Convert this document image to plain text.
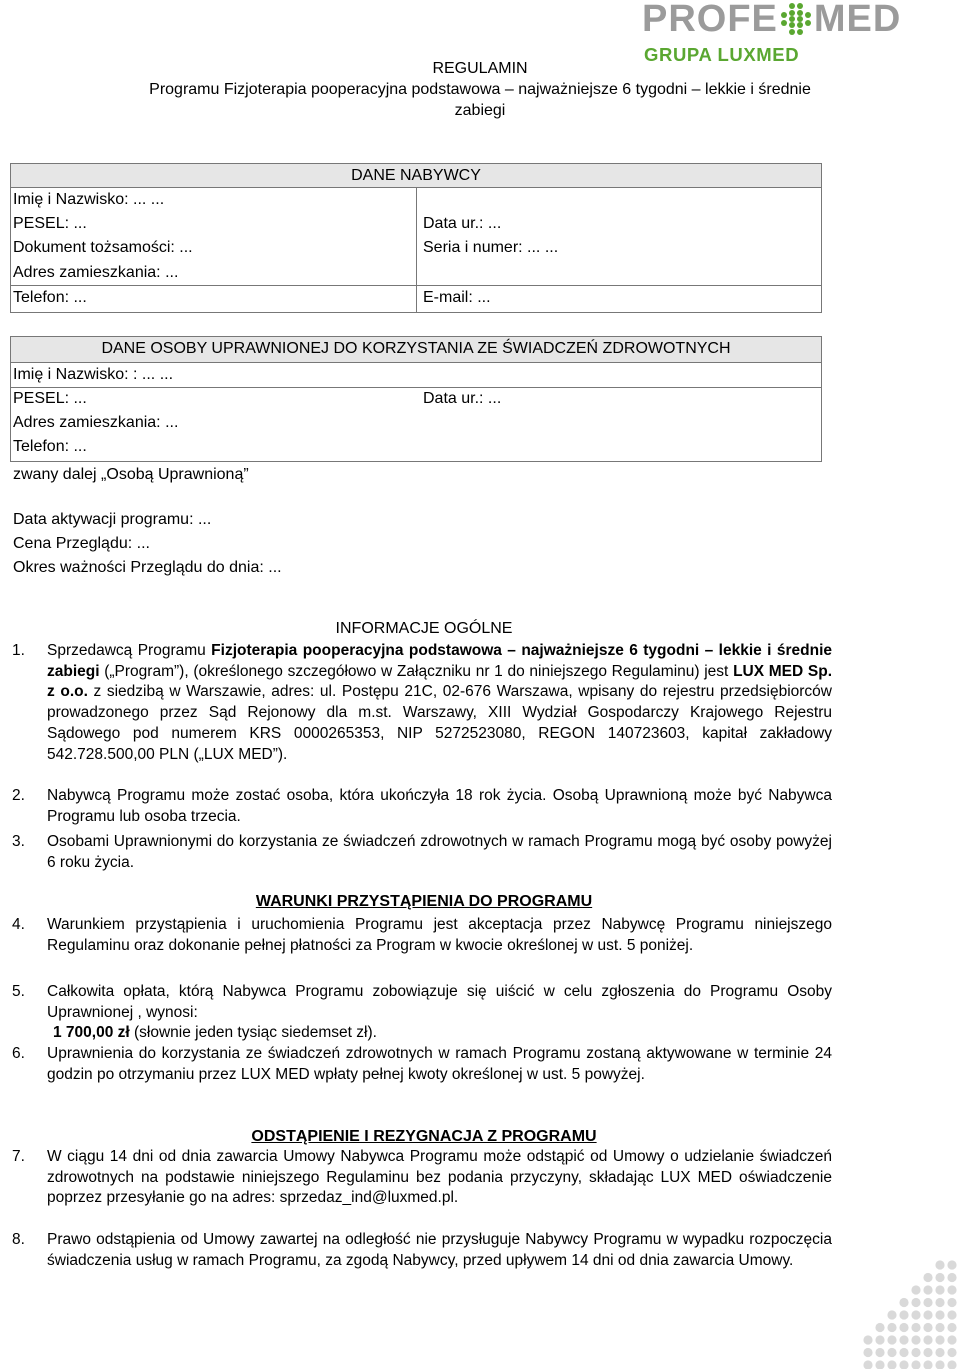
PROFE MED
GRUPA LUXMED
REGULAMIN
Programu Fizjoterapia pooperacyjna podstawowa – najważniejsze 6 tygodni – lekkie i średnie
zabiegi
DANE NABYWCY
Imię i Nazwisko: ... ...
PESEL: ...	Data ur.: ...
Dokument tożsamości: ...	Seria i numer: ... ...
Adres zamieszkania: ...
Telefon: ...	E-mail: ...
DANE OSOBY UPRAWNIONEJ DO KORZYSTANIA ZE ŚWIADCZEŃ ZDROWOTNYCH
Imię i Nazwisko: : ... ...
PESEL: ...	Data ur.: ...
Adres zamieszkania: ...
Telefon: ...
zwany dalej „Osobą Uprawnioną”
Data aktywacji programu: ...
Cena Przeglądu: ...
Okres ważności Przeglądu do dnia: ...
INFORMACJE OGÓLNE
1. Sprzedawcą Programu Fizjoterapia pooperacyjna podstawowa – najważniejsze 6 tygodni – lekkie i średnie zabiegi („Program”), (określonego szczegółowo w Załączniku nr 1 do niniejszego Regulaminu) jest LUX MED Sp. z o.o. z siedzibą w Warszawie, adres: ul. Postępu 21C, 02-676 Warszawa, wpisany do rejestru przedsiębiorców prowadzonego przez Sąd Rejonowy dla m.st. Warszawy, XIII Wydział Gospodarczy Krajowego Rejestru Sądowego pod numerem KRS 0000265353, NIP 5272523080, REGON 140723603, kapitał zakładowy 542.728.500,00 PLN („LUX MED”).
2. Nabywcą Programu może zostać osoba, która ukończyła 18 rok życia. Osobą Uprawnioną może być Nabywca Programu lub osoba trzecia.
3. Osobami Uprawnionymi do korzystania ze świadczeń zdrowotnych w ramach Programu mogą być osoby powyżej 6 roku życia.
WARUNKI PRZYSTĄPIENIA DO PROGRAMU
4. Warunkiem przystąpienia i uruchomienia Programu jest akceptacja przez Nabywcę Programu niniejszego Regulaminu oraz dokonanie pełnej płatności za Program w kwocie określonej w ust. 5 poniżej.
5. Całkowita opłata, którą Nabywca Programu zobowiązuje się uiścić w celu zgłoszenia do Programu Osoby Uprawnionej , wynosi:
1 700,00 zł (słownie jeden tysiąc siedemset zł).
6. Uprawnienia do korzystania ze świadczeń zdrowotnych w ramach Programu zostaną aktywowane w terminie 24 godzin po otrzymaniu przez LUX MED wpłaty pełnej kwoty określonej w ust. 5 powyżej.
ODSTĄPIENIE I REZYGNACJA Z PROGRAMU
7. W ciągu 14 dni od dnia zawarcia Umowy Nabywca Programu może odstąpić od Umowy o udzielanie świadczeń zdrowotnych na podstawie niniejszego Regulaminu bez podania przyczyny, składając LUX MED oświadczenie poprzez przesyłanie go na adres: sprzedaz_ind@luxmed.pl.
8. Prawo odstąpienia od Umowy zawartej na odległość nie przysługuje Nabywcy Programu w wypadku rozpoczęcia świadczenia usług w ramach Programu, za zgodą Nabywcy, przed upływem 14 dni od dnia zawarcia Umowy.
